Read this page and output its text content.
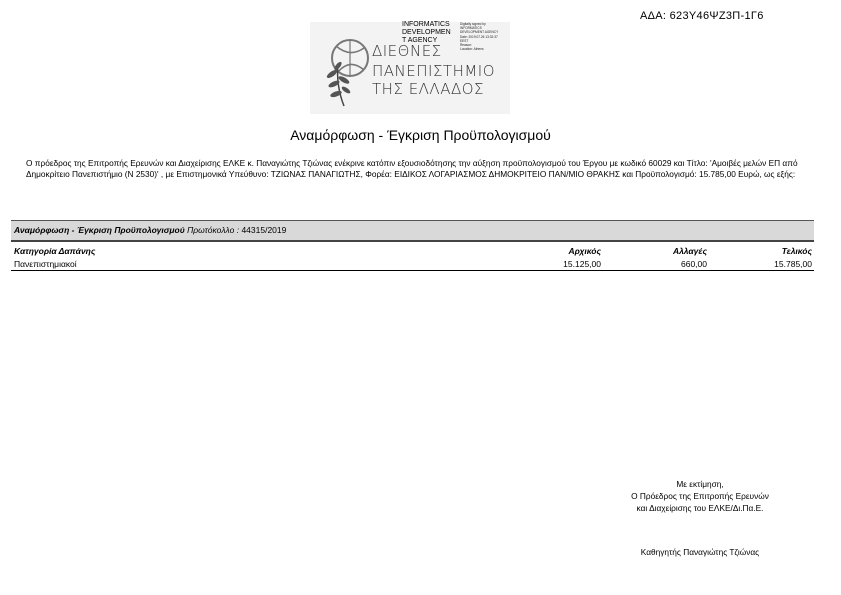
ΑΔΑ: 623Υ46ΨΖ3Π-1Γ6
ΔΙΕΘΝΕΣ
ΠΑΝΕΠΙΣΤΗΜΙΟ
ΤΗΣ ΕΛΛΑΔΟΣ
INFORMATICS
DEVELOPMEN
T AGENCY
Digitally signed by
INFORMATICS
DEVELOPMENT AGENCY
Date: 2019.07.26 13:32:37
EEST
Reason:
Location: Athens
Αναμόρφωση - Έγκριση Προϋπολογισμού
Ο πρόεδρος της Επιτροπής Ερευνών και Διαχείρισης ΕΛΚΕ κ. Παναγιώτης Τζιώνας ενέκρινε κατόπιν εξουσιοδότησης την αύξηση προϋπολογισμού του Έργου με κωδικό 60029 και Τίτλο: 'Αμοιβές μελών ΕΠ από Δημοκρίτειο Πανεπιστήμιο (Ν 2530)' , με Επιστημονικά Υπεύθυνο: ΤΖΙΩΝΑΣ ΠΑΝΑΓΙΩΤΗΣ, Φορέα: ΕΙΔΙΚΟΣ ΛΟΓΑΡΙΑΣΜΟΣ ΔΗΜΟΚΡΙΤΕΙΟ ΠΑΝ/ΜΙΟ ΘΡΑΚΗΣ και Προϋπολογισμό: 15.785,00 Ευρώ, ως εξής:
Αναμόρφωση - Έγκριση Προϋπολογισμού Πρωτόκολλο : 44315/2019
Κατηγορία Δαπάνης	Αρχικός	Αλλαγές	Τελικός
Πανεπιστημιακοί	15.125,00	660,00	15.785,00
Με εκτίμηση,
Ο Πρόεδρος της Επιτροπής Ερευνών
και Διαχείρισης του ΕΛΚΕ/Δι.Πα.Ε.
Καθηγητής Παναγιώτης Τζιώνας
